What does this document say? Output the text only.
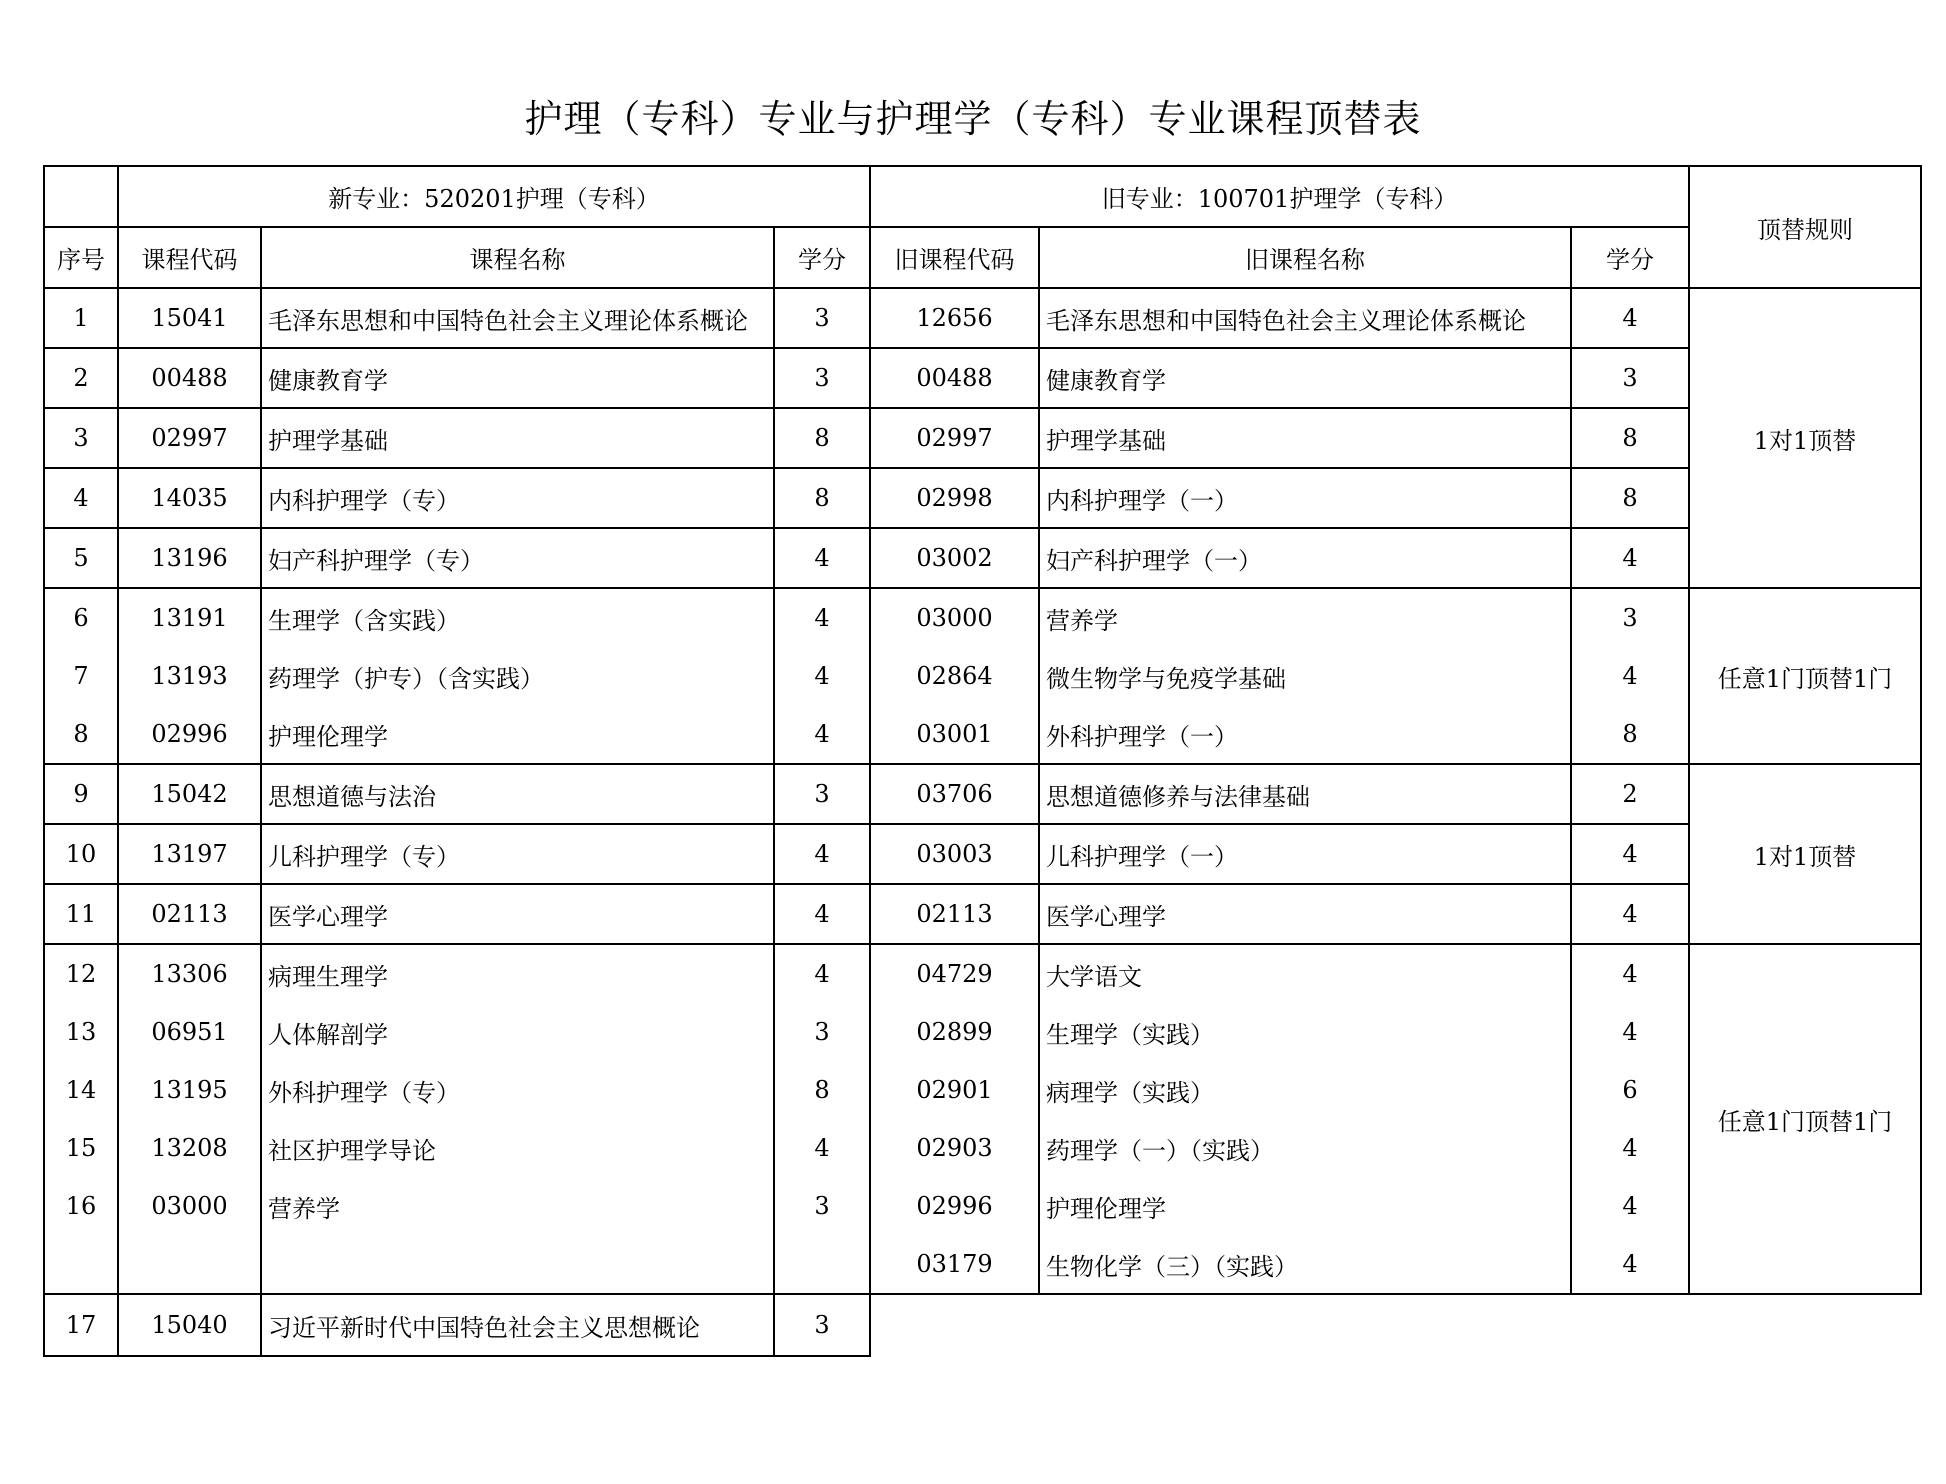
护理（专科）专业与护理学（专科）专业课程顶替表
	新专业：520201护理（专科）			旧专业：100701护理学（专科）			顶替规则
序号	课程代码	课程名称	学分	旧课程代码	旧课程名称	学分	
1	15041	毛泽东思想和中国特色社会主义理论体系概论	3	12656	毛泽东思想和中国特色社会主义理论体系概论	4	1对1顶替
2	00488	健康教育学	3	00488	健康教育学	3	
3	02997	护理学基础	8	02997	护理学基础	8	
4	14035	内科护理学（专）	8	02998	内科护理学（一）	8	
5	13196	妇产科护理学（专）	4	03002	妇产科护理学（一）	4	
6	13191	生理学（含实践）	4	03000	营养学	3	任意1门顶替1门
7	13193	药理学（护专）（含实践）	4	02864	微生物学与免疫学基础	4	
8	02996	护理伦理学	4	03001	外科护理学（一）	8	
9	15042	思想道德与法治	3	03706	思想道德修养与法律基础	2	1对1顶替
10	13197	儿科护理学（专）	4	03003	儿科护理学（一）	4	
11	02113	医学心理学	4	02113	医学心理学	4	
12	13306	病理生理学	4	04729	大学语文	4	任意1门顶替1门
13	06951	人体解剖学	3	02899	生理学（实践）	4	
14	13195	外科护理学（专）	8	02901	病理学（实践）	6	
15	13208	社区护理学导论	4	02903	药理学（一）（实践）	4	
16	03000	营养学	3	02996	护理伦理学	4	
				03179	生物化学（三）（实践）	4	
17	15040	习近平新时代中国特色社会主义思想概论	3				
